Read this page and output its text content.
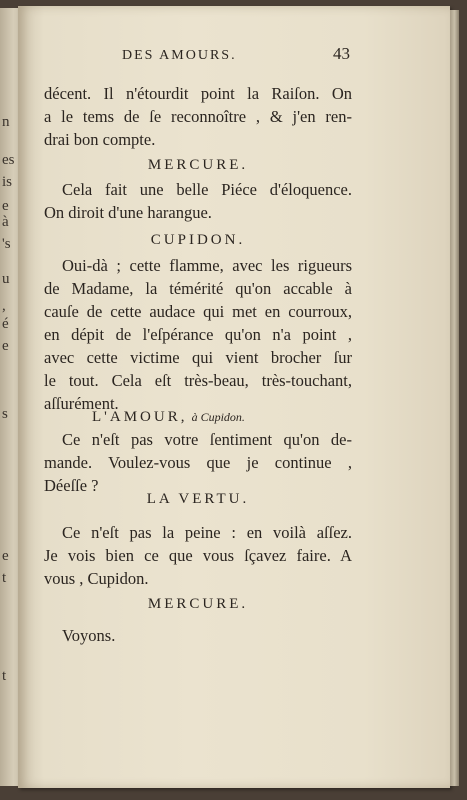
n
es
is
e
à
's
u
,
é
e
s
e
t
t
DES AMOURS.	43
décent. Il n'étourdit point la Raiſon. On
a le tems de ſe reconnoître , & j'en ren-
drai bon compte.
MERCURE.
Cela fait une belle Piéce d'éloquence.
On diroit d'une harangue.
CUPIDON.
Oui-dà ; cette flamme, avec les rigueurs
de Madame, la témérité qu'on accable à
cauſe de cette audace qui met en courroux,
en dépit de l'eſpérance qu'on n'a point ,
avec cette victime qui vient brocher ſur
le tout. Cela eſt très-beau, très-touchant,
aſſurément.
L'AMOUR, à Cupidon.
Ce n'eſt pas votre ſentiment qu'on de-
mande. Voulez-vous que je continue ,
Déeſſe ?
LA VERTU.
Ce n'eſt pas la peine : en voilà aſſez.
Je vois bien ce que vous ſçavez faire. A
vous , Cupidon.
MERCURE.
Voyons.
